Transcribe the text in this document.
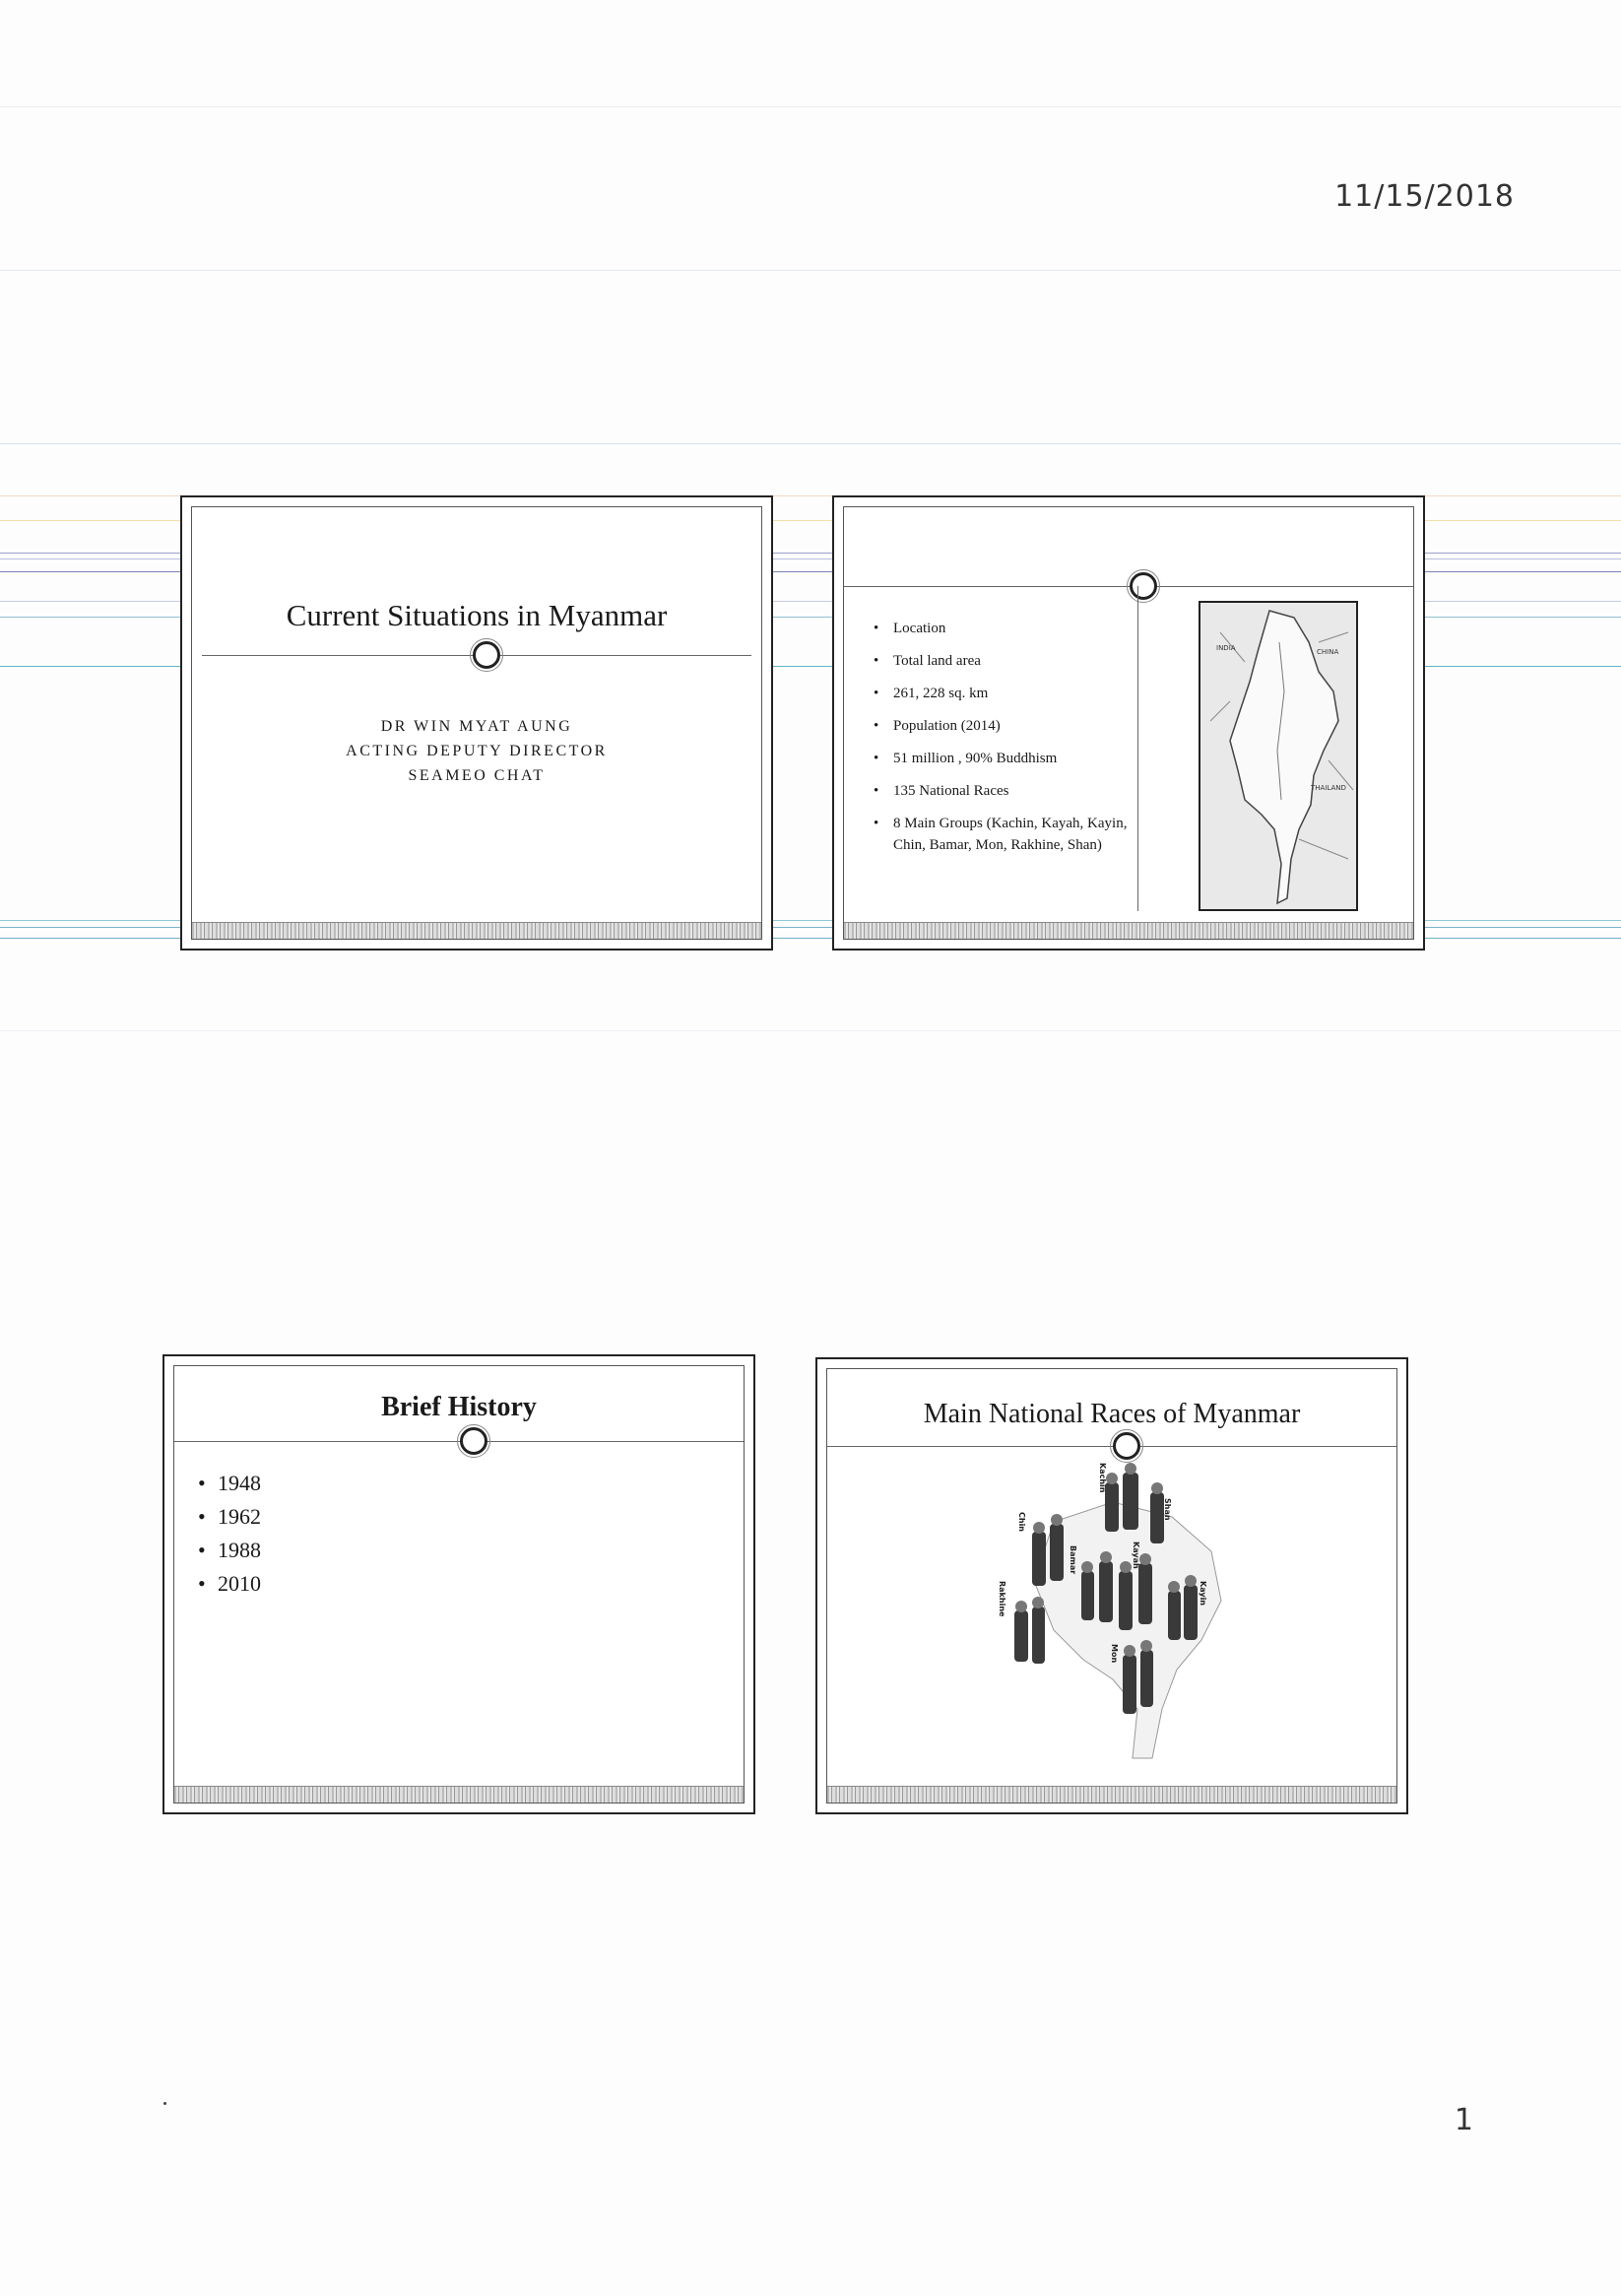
11/15/2018
Current Situations in Myanmar
DR WIN MYAT AUNG
ACTING DEPUTY DIRECTOR
SEAMEO CHAT
• Location
• Total land area
• 261, 228 sq. km
• Population (2014)
• 51 million , 90% Buddhism
• 135 National Races
• 8 Main Groups (Kachin, Kayah, Kayin, Chin, Bamar, Mon, Rakhine, Shan)
INDIA	CHINA
THAILAND
Brief History
• 1948
• 1962
• 1988
• 2010
Main National Races of Myanmar
Kachin
Chin
Shan
Bamar	Kayah
Rakhine	Kayin
Mon
1
